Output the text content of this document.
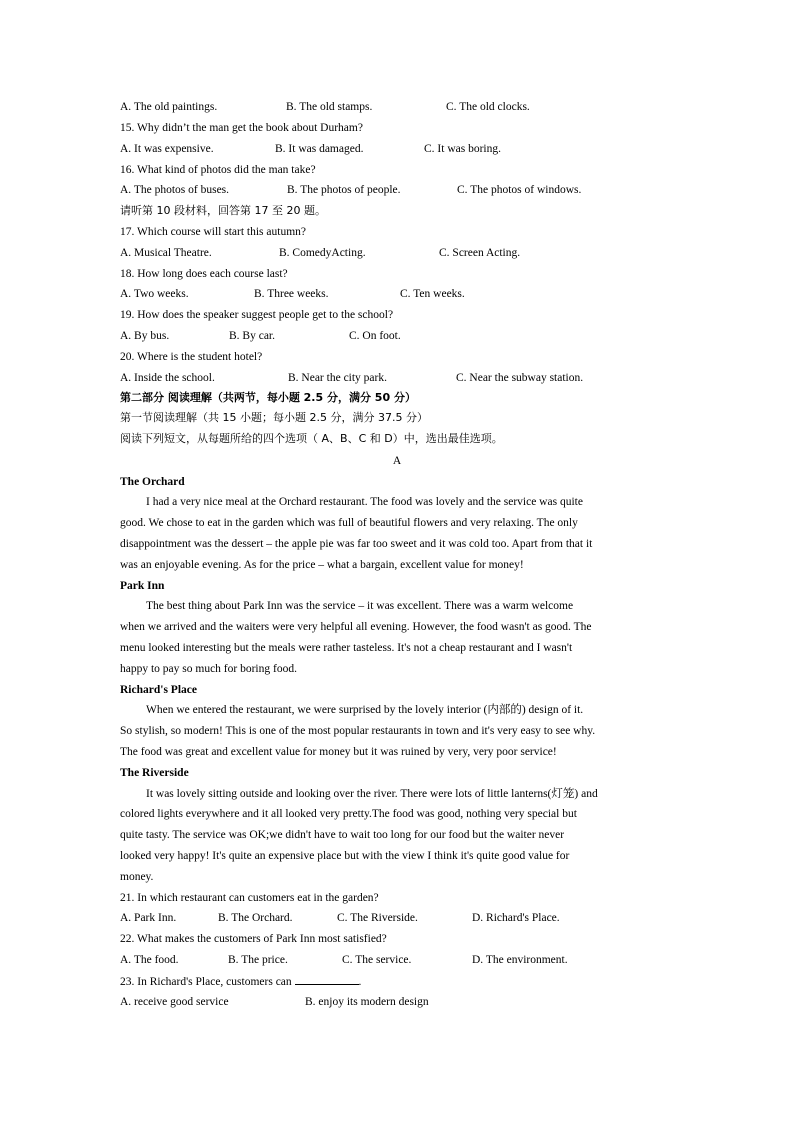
A. The old paintings.	B. The old stamps.	C. The old clocks.
15. Why didn’t the man get the book about Durham?
A. It was expensive.	B. It was damaged.	C. It was boring.
16. What kind of photos did the man take?
A. The photos of buses.	B. The photos of people.	C. The photos of windows.
请听第 10 段材料，回答第 17 至 20 题。
17. Which course will start this autumn?
A. Musical Theatre.	B. ComedyActing.	C. Screen Acting.
18. How long does each course last?
A. Two weeks.	B. Three weeks.	C. Ten weeks.
19. How does the speaker suggest people get to the school?
A. By bus.	B. By car.	C. On foot.
20. Where is the student hotel?
A. Inside the school.	B. Near the city park.	C. Near the subway station.
第二部分 阅读理解（共两节，每小题 2.5 分，满分 50 分）
第一节阅读理解（共 15 小题；每小题 2.5 分，满分 37.5 分）
阅读下列短文，从每题所给的四个选项（ A、B、C 和 D）中，选出最佳选项。
A
The Orchard
I had a very nice meal at the Orchard restaurant. The food was lovely and the service was quite
good. We chose to eat in the garden which was full of beautiful flowers and very relaxing. The only
disappointment was the dessert – the apple pie was far too sweet and it was cold too. Apart from that it
was an enjoyable evening. As for the price – what a bargain, excellent value for money!
Park Inn
The best thing about Park Inn was the service – it was excellent. There was a warm welcome
when we arrived and the waiters were very helpful all evening. However, the food wasn't as good. The
menu looked interesting but the meals were rather tasteless. It's not a cheap restaurant and I wasn't
happy to pay so much for boring food.
Richard's Place
When we entered the restaurant, we were surprised by the lovely interior (内部的) design of it.
So stylish, so modern! This is one of the most popular restaurants in town and it's very easy to see why.
The food was great and excellent value for money but it was ruined by very, very poor service!
The Riverside
It was lovely sitting outside and looking over the river. There were lots of little lanterns(灯笼) and
colored lights everywhere and it all looked very pretty.The food was good, nothing very special but
quite tasty. The service was OK;we didn't have to wait too long for our food but the waiter never
looked very happy! It's quite an expensive place but with the view I think it's quite good value for
money.
21. In which restaurant can customers eat in the garden?
A. Park Inn.	B. The Orchard.	C. The Riverside.	D. Richard's Place.
22. What makes the customers of Park Inn most satisfied?
A. The food.	B. The price.	C. The service.	D. The environment.
23. In Richard's Place, customers can	.
A. receive good service	B. enjoy its modern design
